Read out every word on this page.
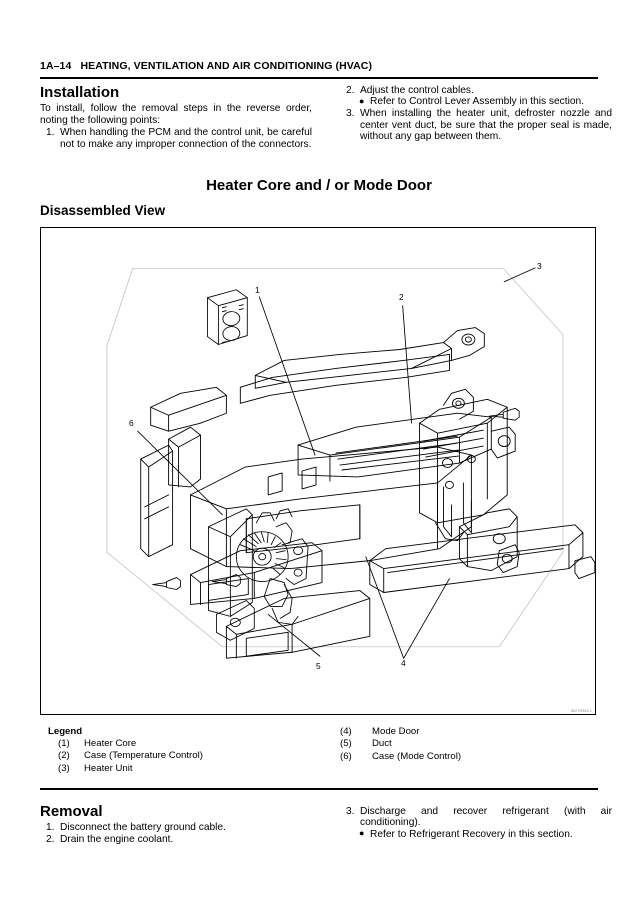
1A–14 HEATING, VENTILATION AND AIR CONDITIONING (HVAC)
Installation

To install, follow the removal steps in the reverse order, noting the following points:

1. When handling the PCM and the control unit, be careful not to make any improper connection of the connectors.
2. Adjust the control cables.

● Refer to Control Lever Assembly in this section.

3. When installing the heater unit, defroster nozzle and center vent duct, be sure that the proper seal is made, without any gap between them.
Heater Core and / or Mode Door
Disassembled View
802 R0002-1
1
2
3
4
5
6
Legend
(1)	Heater Core
(2)	Case (Temperature Control)
(3)	Heater Unit
(4)	Mode Door
(5)	Duct
(6)	Case (Mode Control)
Removal
1. Disconnect the battery ground cable.
2. Drain the engine coolant.
3. Discharge and recover refrigerant (with air conditioning).

● Refer to Refrigerant Recovery in this section.
